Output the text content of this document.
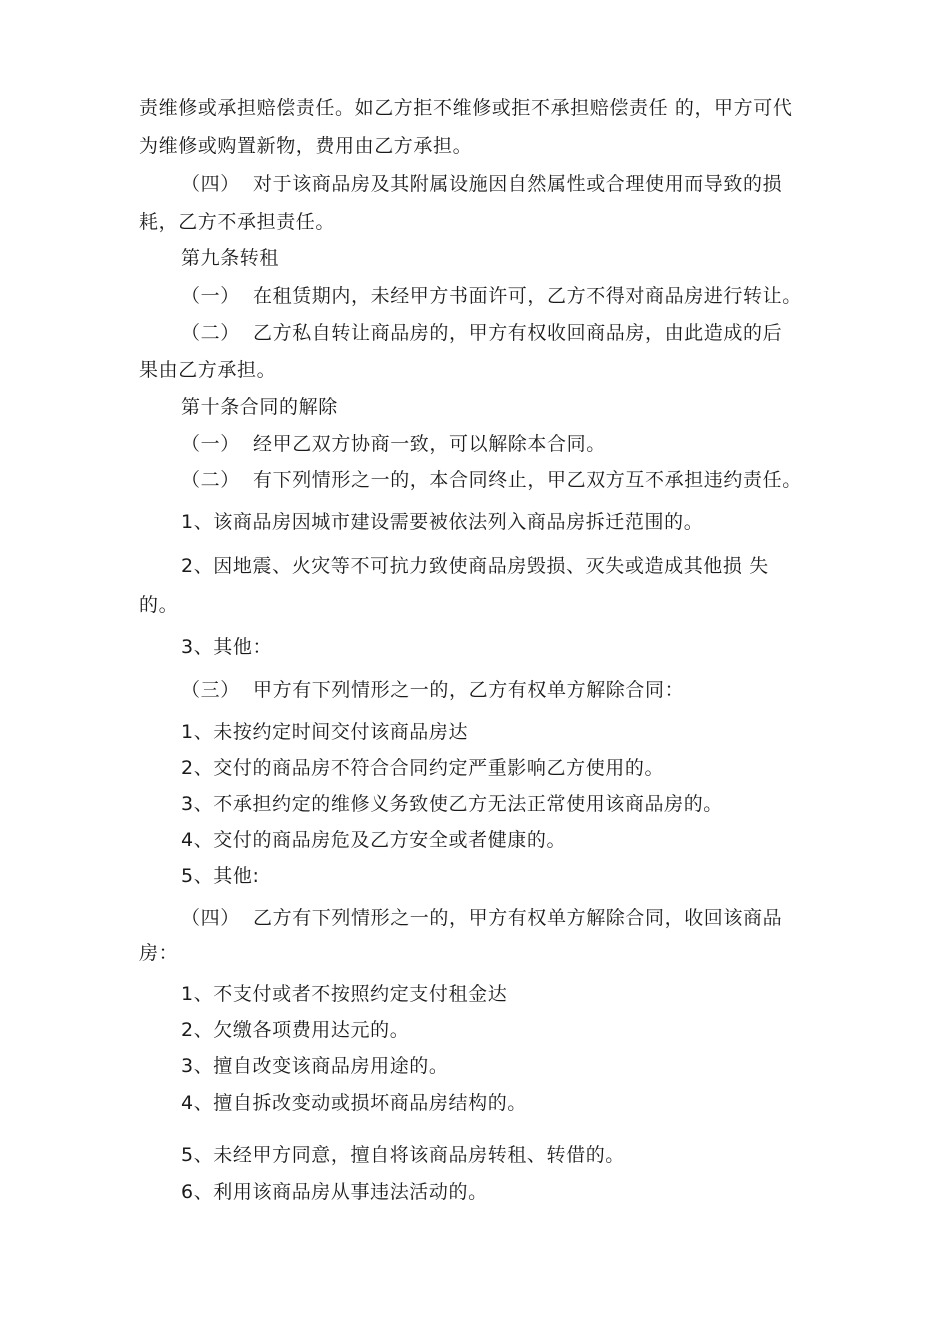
责维修或承担赔偿责任。如乙方拒不维修或拒不承担赔偿责任 的，甲方可代
为维修或购置新物，费用由乙方承担。
（四） 对于该商品房及其附属设施因自然属性或合理使用而导致的损
耗，乙方不承担责任。
第九条转租
（一） 在租赁期内，未经甲方书面许可，乙方不得对商品房进行转让。
（二） 乙方私自转让商品房的，甲方有权收回商品房，由此造成的后
果由乙方承担。
第十条合同的解除
（一） 经甲乙双方协商一致，可以解除本合同。
（二） 有下列情形之一的，本合同终止，甲乙双方互不承担违约责任。
1、该商品房因城市建设需要被依法列入商品房拆迁范围的。
2、因地震、火灾等不可抗力致使商品房毁损、灭失或造成其他损 失
的。
3、其他：
（三） 甲方有下列情形之一的，乙方有权单方解除合同：
1、未按约定时间交付该商品房达
2、交付的商品房不符合合同约定严重影响乙方使用的。
3、不承担约定的维修义务致使乙方无法正常使用该商品房的。
4、交付的商品房危及乙方安全或者健康的。
5、其他:
（四） 乙方有下列情形之一的，甲方有权单方解除合同，收回该商品
房：
1、不支付或者不按照约定支付租金达
2、欠缴各项费用达元的。
3、擅自改变该商品房用途的。
4、擅自拆改变动或损坏商品房结构的。
5、未经甲方同意，擅自将该商品房转租、转借的。
6、利用该商品房从事违法活动的。
